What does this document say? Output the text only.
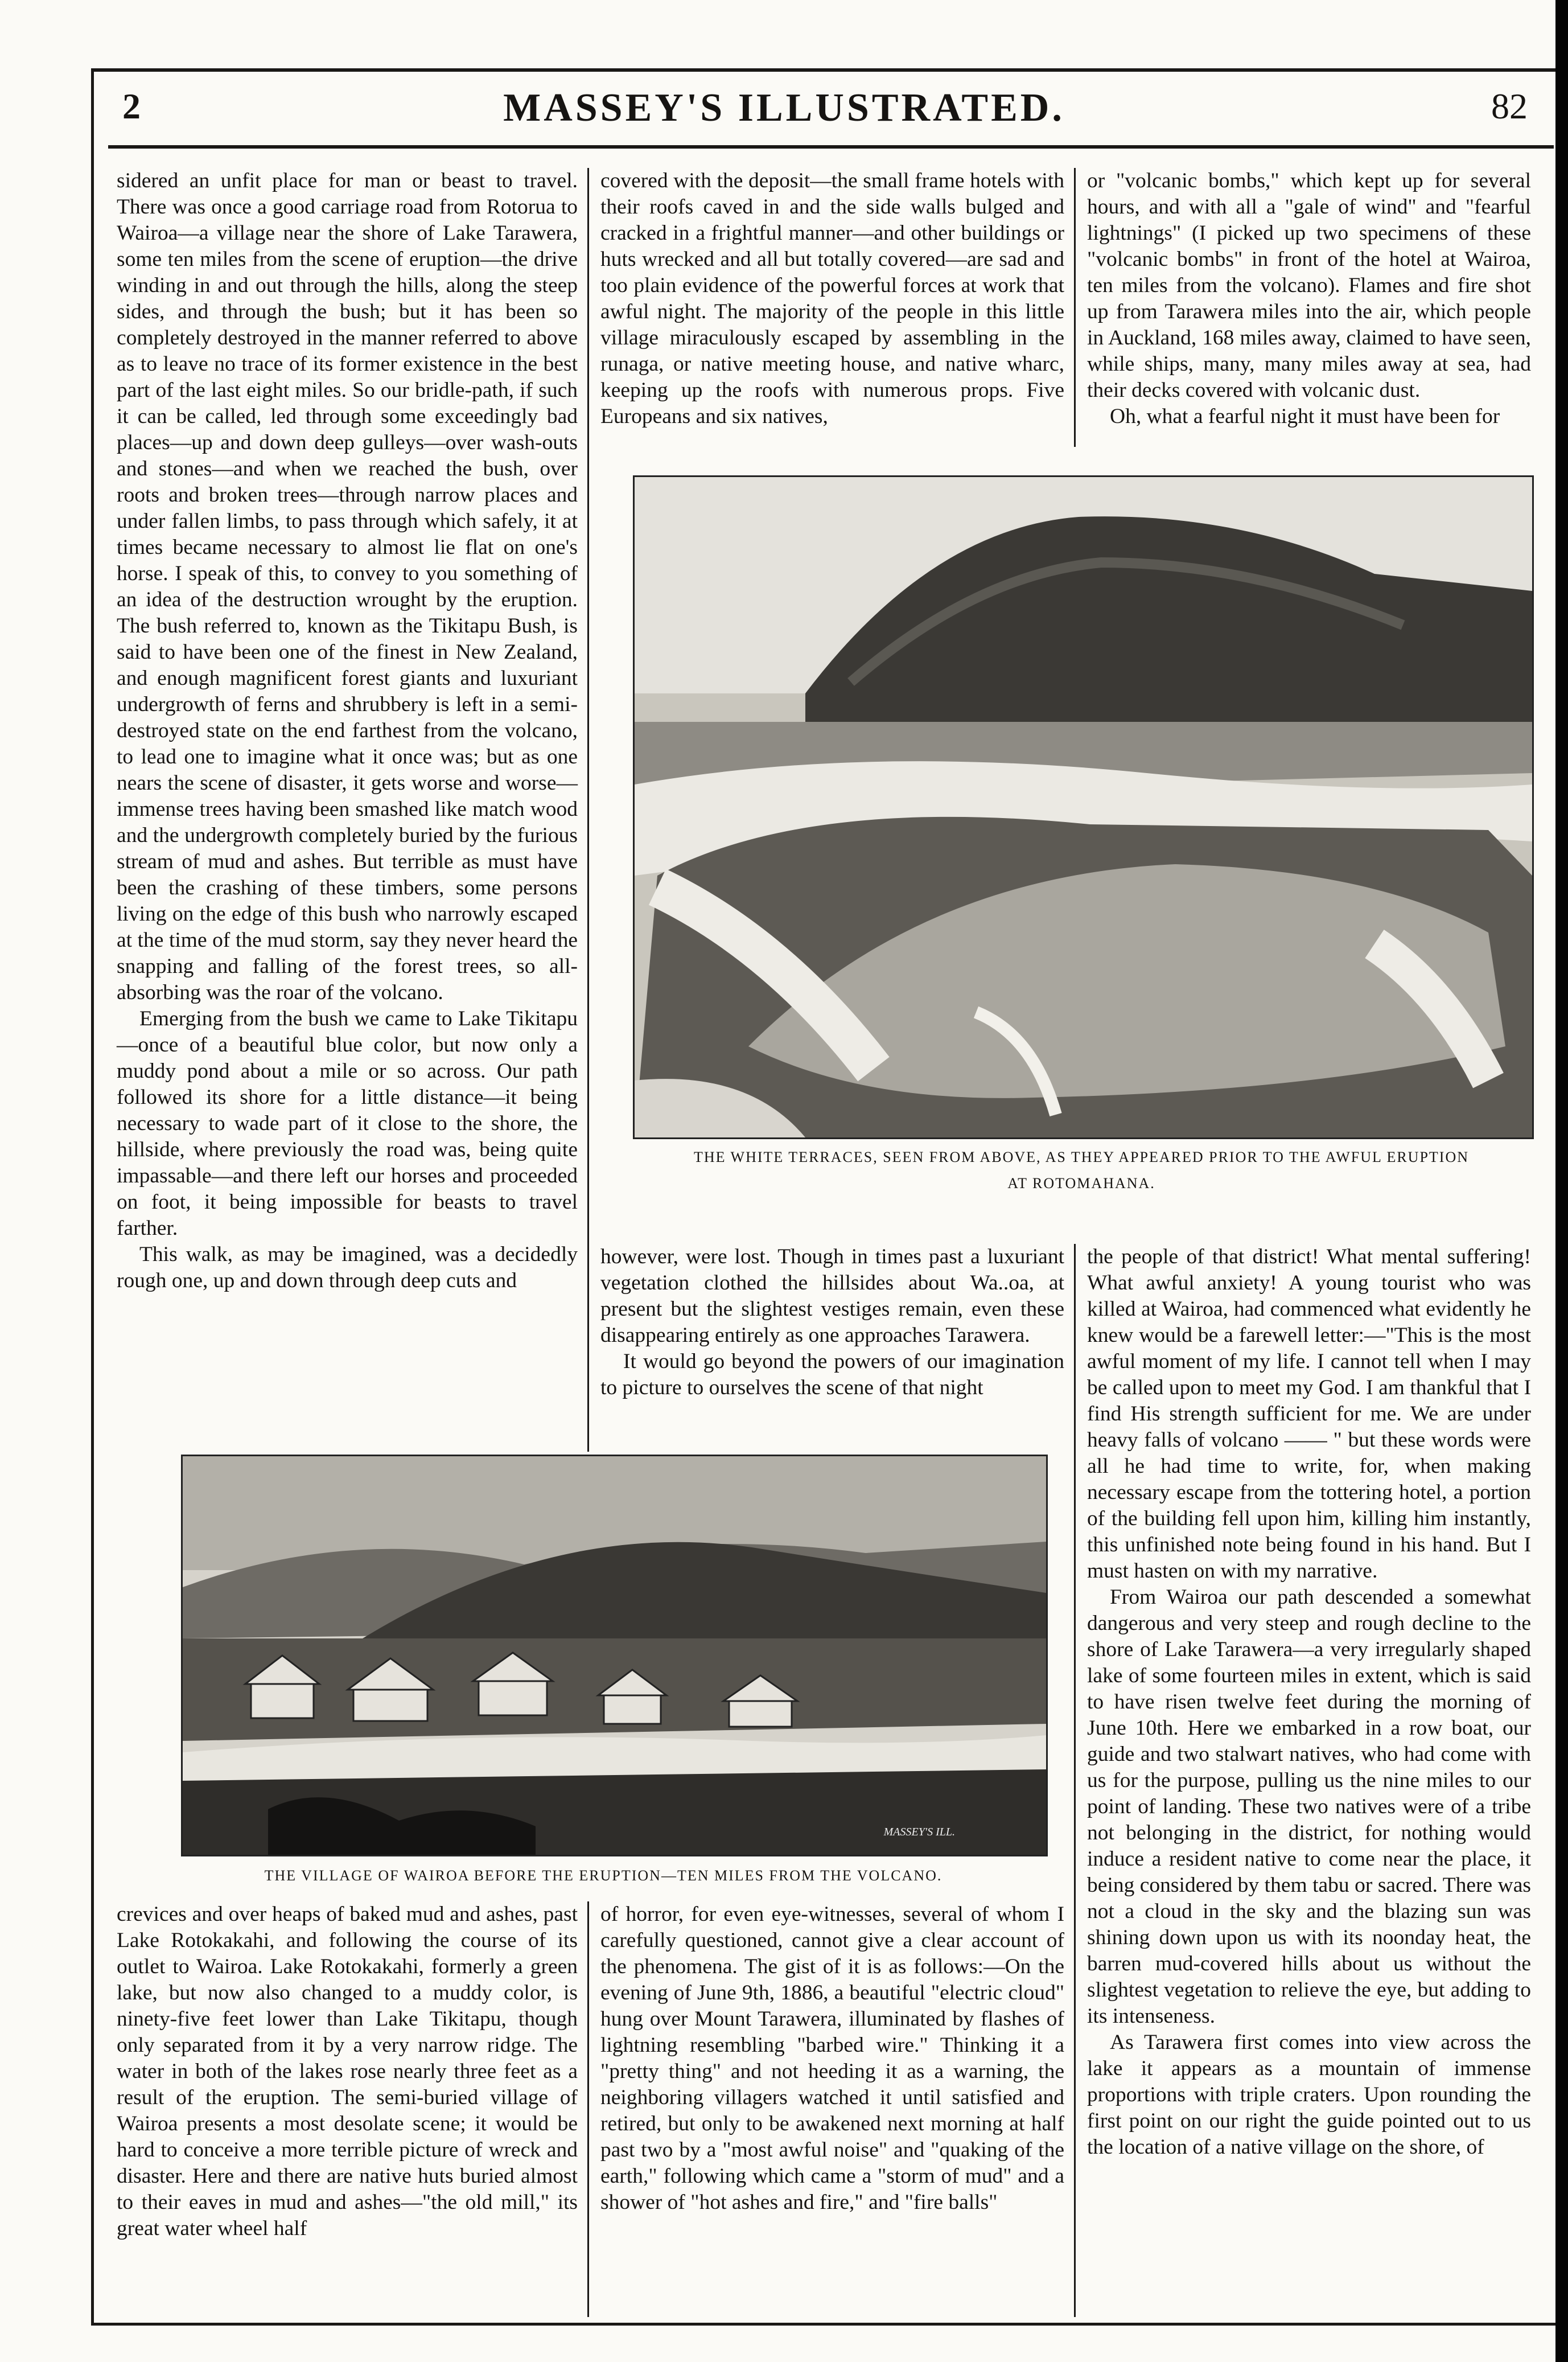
2	MASSEY'S ILLUSTRATED.	82

sidered an unfit place for man or beast to travel. There was once a good carriage road from Rotorua to Wairoa—a village near the shore of Lake Tarawera, some ten miles from the scene of eruption—the drive winding in and out through the hills, along the steep sides, and through the bush; but it has been so completely destroyed in the manner referred to above as to leave no trace of its former existence in the best part of the last eight miles. So our bridle-path, if such it can be called, led through some exceedingly bad places—up and down deep gulleys—over wash-outs and stones—and when we reached the bush, over roots and broken trees—through narrow places and under fallen limbs, to pass through which safely, it at times became necessary to almost lie flat on one's horse. I speak of this, to convey to you something of an idea of the destruction wrought by the eruption. The bush referred to, known as the Tikitapu Bush, is said to have been one of the finest in New Zealand, and enough magnificent forest giants and luxuriant undergrowth of ferns and shrubbery is left in a semi-destroyed state on the end farthest from the volcano, to lead one to imagine what it once was; but as one nears the scene of disaster, it gets worse and worse—immense trees having been smashed like match wood and the undergrowth completely buried by the furious stream of mud and ashes. But terrible as must have been the crashing of these timbers, some persons living on the edge of this bush who narrowly escaped at the time of the mud storm, say they never heard the snapping and falling of the forest trees, so all-absorbing was the roar of the volcano.

Emerging from the bush we came to Lake Tikitapu—once of a beautiful blue color, but now only a muddy pond about a mile or so across. Our path followed its shore for a little distance—it being necessary to wade part of it close to the shore, the hillside, where previously the road was, being quite impassable—and there left our horses and proceeded on foot, it being impossible for beasts to travel farther.

This walk, as may be imagined, was a decidedly rough one, up and down through deep cuts and

covered with the deposit—the small frame hotels with their roofs caved in and the side walls bulged and cracked in a frightful manner—and other buildings or huts wrecked and all but totally covered—are sad and too plain evidence of the powerful forces at work that awful night. The majority of the people in this little village miraculously escaped by assembling in the runaga, or native meeting house, and native wharc, keeping up the roofs with numerous props. Five Europeans and six natives,

or "volcanic bombs," which kept up for several hours, and with all a "gale of wind" and "fearful lightnings" (I picked up two specimens of these "volcanic bombs" in front of the hotel at Wairoa, ten miles from the volcano). Flames and fire shot up from Tarawera miles into the air, which people in Auckland, 168 miles away, claimed to have seen, while ships, many, many miles away at sea, had their decks covered with volcanic dust.

Oh, what a fearful night it must have been for

THE WHITE TERRACES, SEEN FROM ABOVE, AS THEY APPEARED PRIOR TO THE AWFUL ERUPTION
AT ROTOMAHANA.

however, were lost. Though in times past a luxuriant vegetation clothed the hillsides about Wa..oa, at present but the slightest vestiges remain, even these disappearing entirely as one approaches Tarawera.

It would go beyond the powers of our imagination to picture to ourselves the scene of that night

the people of that district! What mental suffering! What awful anxiety! A young tourist who was killed at Wairoa, had commenced what evidently he knew would be a farewell letter:—"This is the most awful moment of my life. I cannot tell when I may be called upon to meet my God. I am thankful that I find His strength sufficient for me. We are under heavy falls of volcano —— " but these words were all he had time to write, for, when making necessary escape from the tottering hotel, a portion of the building fell upon him, killing him instantly, this unfinished note being found in his hand. But I must hasten on with my narrative.

From Wairoa our path descended a somewhat dangerous and very steep and rough decline to the shore of Lake Tarawera—a very irregularly shaped lake of some fourteen miles in extent, which is said to have risen twelve feet during the morning of June 10th. Here we embarked in a row boat, our guide and two stalwart natives, who had come with us for the purpose, pulling us the nine miles to our point of landing. These two natives were of a tribe not belonging in the district, for nothing would induce a resident native to come near the place, it being considered by them tabu or sacred. There was not a cloud in the sky and the blazing sun was shining down upon us with its noonday heat, the barren mud-covered hills about us without the slightest vegetation to relieve the eye, but adding to its intenseness.

As Tarawera first comes into view across the lake it appears as a mountain of immense proportions with triple craters. Upon rounding the first point on our right the guide pointed out to us the location of a native village on the shore, of

MASSEY'S ILL.
THE VILLAGE OF WAIROA BEFORE THE ERUPTION—TEN MILES FROM THE VOLCANO.

crevices and over heaps of baked mud and ashes, past Lake Rotokakahi, and following the course of its outlet to Wairoa. Lake Rotokakahi, formerly a green lake, but now also changed to a muddy color, is ninety-five feet lower than Lake Tikitapu, though only separated from it by a very narrow ridge. The water in both of the lakes rose nearly three feet as a result of the eruption. The semi-buried village of Wairoa presents a most desolate scene; it would be hard to conceive a more terrible picture of wreck and disaster. Here and there are native huts buried almost to their eaves in mud and ashes—"the old mill," its great water wheel half

of horror, for even eye-witnesses, several of whom I carefully questioned, cannot give a clear account of the phenomena. The gist of it is as follows:—On the evening of June 9th, 1886, a beautiful "electric cloud" hung over Mount Tarawera, illuminated by flashes of lightning resembling "barbed wire." Thinking it a "pretty thing" and not heeding it as a warning, the neighboring villagers watched it until satisfied and retired, but only to be awakened next morning at half past two by a "most awful noise" and "quaking of the earth," following which came a "storm of mud" and a shower of "hot ashes and fire," and "fire balls"
